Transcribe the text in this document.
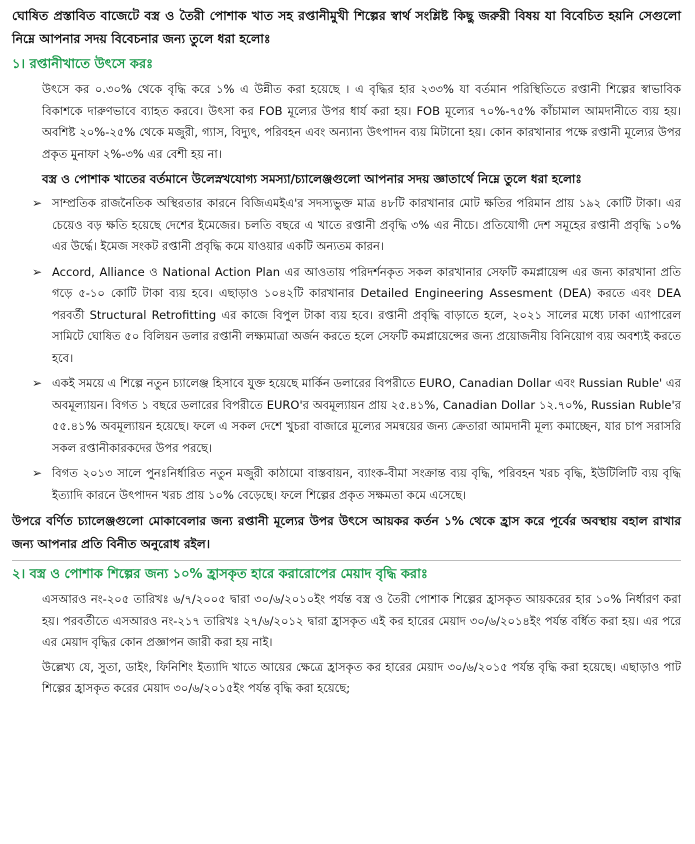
ঘোষিত প্রস্তাবিত বাজেটে বস্ত্র ও তৈরী পোশাক খাত সহ রপ্তানীমুখী শিল্পের স্বার্থ সংশ্লিষ্ট কিছু জরুরী বিষয় যা বিবেচিত হয়নি সেগুলো নিম্নে আপনার সদয় বিবেচনার জন্য তুলে ধরা হলোঃ

১। রপ্তানীখাতে উৎসে করঃ

উৎসে কর ০.৩০% থেকে বৃদ্ধি করে ১% এ উন্নীত করা হয়েছে । এ বৃদ্ধির হার ২৩৩% যা বর্তমান পরিস্থিতিতে রপ্তানী শিল্পের স্বাভাবিক বিকাশকে দারুণভাবে ব্যাহত করবে। উৎসা কর FOB মূল্যের উপর ধার্য করা হয়। FOB মূল্যের ৭০%-৭৫% কাঁচামাল আমদানীতে ব্যয় হয়। অবশিষ্ট ২০%-২৫% থেকে মজুরী, গ্যাস, বিদ্যুৎ, পরিবহন এবং অন্যান্য উৎপাদন ব্যয় মিটানো হয়। কোন কারখানার পক্ষে রপ্তানী মূল্যের উপর প্রকৃত মুনাফা ২%-৩% এর বেশী হয় না।

বস্ত্র ও পোশাক খাতের বর্তমানে উলেস্নখযোগ্য সমস্যা/চ্যালেঞ্জগুলো আপনার সদয় জ্ঞাতার্থে নিম্নে তুলে ধরা হলোঃ
➢ সাম্প্রতিক রাজনৈতিক অস্থিরতার কারনে বিজিএমইএ'র সদস্যভুক্ত মাত্র ৪৮টি কারখানার মোট ক্ষতির পরিমান প্রায় ১৯২ কোটি টাকা। এর চেয়েও বড় ক্ষতি হয়েছে দেশের ইমেজের। চলতি বছরে এ খাতে রপ্তানী প্রবৃদ্ধি ৩% এর নীচে। প্রতিযোগী দেশ সমূহের রপ্তানী প্রবৃদ্ধি ১০% এর উর্দ্ধে। ইমেজ সংকট রপ্তানী প্রবৃদ্ধি কমে যাওয়ার একটি অন্যতম কারন।
➢ Accord, Alliance ও National Action Plan এর আওতায় পরিদর্শনকৃত সকল কারখানার সেফটি কমপ্লায়েন্স এর জন্য কারখানা প্রতি গড়ে ৫-১০ কোটি টাকা ব্যয় হবে। এছাড়াও ১০৪২টি কারখানার Detailed Engineering Assesment (DEA) করতে এবং DEA পরবর্তী Structural Retrofitting এর কাজে বিপুল টাকা ব্যয় হবে। রপ্তানী প্রবৃদ্ধি বাড়াতে হলে, ২০২১ সালের মধ্যে ঢাকা এ্যাপারেল সামিটে ঘোষিত ৫০ বিলিয়ন ডলার রপ্তানী লক্ষ্যমাত্রা অর্জন করতে হলে সেফটি কমপ্লায়েন্সের জন্য প্রয়োজনীয় বিনিয়োগ ব্যয় অবশ্যই করতে হবে।
➢ একই সময়ে এ শিল্পে নতুন চ্যালেঞ্জ হিসাবে যুক্ত হয়েছে মার্কিন ডলারের বিপরীতে EURO, Canadian Dollar এবং Russian Ruble' এর অবমূল্যায়ন। বিগত ১ বছরে ডলারের বিপরীতে EURO'র অবমূল্যায়ন প্রায় ২৫.৪১%, Canadian Dollar ১২.৭০%, Russian Ruble'র ৫৫.৪১% অবমূল্যায়ন হয়েছে। ফলে এ সকল দেশে খুচরা বাজারে মূল্যের সমন্বয়ের জন্য ক্রেতারা আমদানী মূল্য কমাচ্ছেন, যার চাপ সরাসরি সকল রপ্তানীকারকদের উপর পরছে।
➢ বিগত ২০১৩ সালে পুনঃনির্ধারিত নতুন মজুরী কাঠামো বাস্তবায়ন, ব্যাংক-বীমা সংক্রান্ত ব্যয় বৃদ্ধি, পরিবহন খরচ বৃদ্ধি, ইউটিলিটি ব্যয় বৃদ্ধি ইত্যাদি কারনে উৎপাদন খরচ প্রায় ১০% বেড়েছে। ফলে শিল্পের প্রকৃত সক্ষমতা কমে এসেছে।

উপরে বর্ণিত চ্যালেঞ্জগুলো মোকাবেলার জন্য রপ্তানী মূল্যের উপর উৎসে আয়কর কর্তন ১% থেকে হ্রাস করে পূর্বের অবস্থায় বহাল রাখার জন্য আপনার প্রতি বিনীত অনুরোধ রইল।

২। বস্ত্র ও পোশাক শিল্পের জন্য ১০% হ্রাসকৃত হারে করারোপের মেয়াদ বৃদ্ধি করাঃ

এসআরও নং-২০৫ তারিখঃ ৬/৭/২০০৫ দ্বারা ৩০/৬/২০১০ইং পর্যন্ত বস্ত্র ও তৈরী পোশাক শিল্পের হ্রাসকৃত আয়করের হার ১০% নির্ধারণ করা হয়। পরবর্তীতে এসআরও নং-২১৭ তারিখঃ ২৭/৬/২০১২ দ্বারা হ্রাসকৃত এই কর হারের মেয়াদ ৩০/৬/২০১৪ইং পর্যন্ত বর্ধিত করা হয়। এর পরে এর মেয়াদ বৃদ্ধির কোন প্রজ্ঞাপন জারী করা হয় নাই।

উল্লেখ্য যে, সুতা, ডাইং, ফিনিশিং ইত্যাদি খাতে আয়ের ক্ষেত্রে হ্রাসকৃত কর হারের মেয়াদ ৩০/৬/২০১৫ পর্যন্ত বৃদ্ধি করা হয়েছে। এছাড়াও পাট শিল্পের হ্রাসকৃত করের মেয়াদ ৩০/৬/২০১৫ইং পর্যন্ত বৃদ্ধি করা হয়েছে;
